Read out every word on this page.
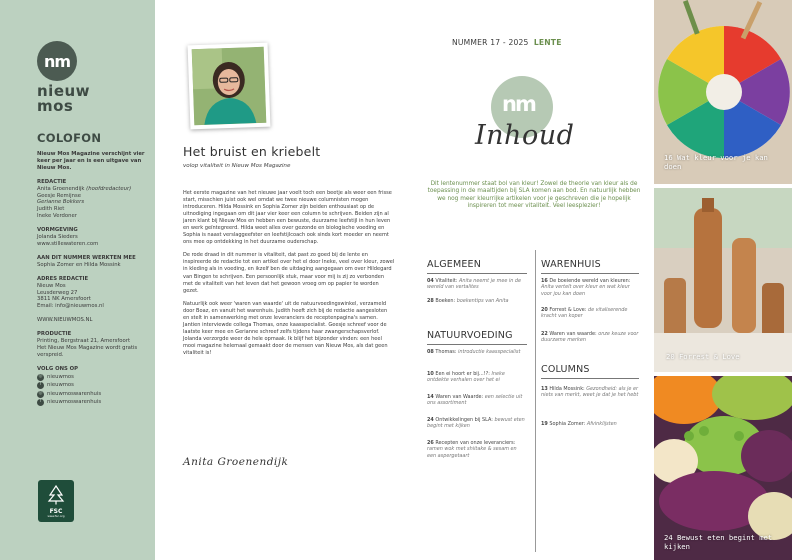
nm
nieuw mos
COLOFON
Nieuw Mos Magazine verschijnt vier keer per jaar en is een uitgave van Nieuw Mos.
REDACTIE
Anita Groenendijk (hoofdredacteur)
Geesje Remijnse
Gerianne Bokkers
Judith Riet
Ineke Verdoner
VORMGEVING
Jolanda Sieders
www.stillewateren.com
AAN DIT NUMMER WERKTEN MEE
Sophia Zomer en Hilda Mossink
ADRES REDACTIE
Nieuw Mos
Leusderweg 27
3811 NK Amersfoort
Email: info@nieuwmos.nl
WWW.NIEUWMOS.NL
PRODUCTIE
Printing, Bergstraat 21, Amersfoort
Het Nieuw Mos Magazine wordt gratis verspreid.
VOLG ONS OP
◎ nieuwmos
f	nieuwmos
◎ nieuwmoswarenhuis
f	nieuwmoswarenhuis
FSC
www.fsc.org
Het bruist en kriebelt
volop vitaliteit in Nieuw Mos Magazine

Het eerste magazine van het nieuwe jaar voelt toch een beetje als weer een frisse start, misschien juist ook wel omdat we twee nieuwe columnisten mogen introduceren. Hilda Mossink en Sophia Zomer zijn beiden enthousiast op de uitnodiging ingegaan om dit jaar vier keer een column te schrijven. Beiden zijn al jaren klant bij Nieuw Mos en hebben een bewuste, duurzame leefstijl in hun leven en werk geïntegreerd. Hilda weet alles over gezonde en biologische voeding en Sophia is naast verslaggeefster en leefstijlcoach ook sinds kort moeder en neemt ons mee op ontdekking in het duurzame ouderschap.

De rode draad in dit nummer is vitaliteit, dat past zo goed bij de lente en inspireerde de redactie tot een artikel over het el door Ineke, veel over kleur, zowel in kleding als in voeding, en ikzelf ben de uitdaging aangegaan om over Hildegard van Bingen te schrijven. Een persoonlijk stuk, maar voor mij is zij zo verbonden met de vitaliteit van het leven dat het gewoon vroeg om op papier te worden gezet.

Natuurlijk ook weer 'waren van waarde' uit de natuurvoedingswinkel, verzameld door Boaz, en vanuit het warenhuis. Judith heeft zich bij de redactie aangesloten en stelt in samenwerking met onze leveranciers de receptenpagina's samen. Jantien interviewde collega Thomas, onze kaasspecialist. Geesje schreef voor de laatste keer mee en Gerianne schreef zelfs tijdens haar zwangerschapsverlof. Jolanda verzorgde weer de hele opmaak. Ik blijf het bijzonder vinden: een heel mooi magazine helemaal gemaakt door de mensen van Nieuw Mos, als dat geen vitaliteit is!

Anita Groenendijk
NUMMER 17 - 2025 LENTE
nm
Inhoud
Dit lentenummer staat bol van kleur! Zowel de theorie van kleur als de toepassing in de maaltijden bij SLA komen aan bod. En natuurlijk hebben we nog meer kleurrijke artikelen voor je geschreven die je hopelijk inspireren tot meer vitaliteit. Veel leesplezier!
ALGEMEEN
04 Vitaliteit: Anita neemt je mee in de wereld van vertalites
28 Boeken: boekentips van Anita
NATUURVOEDING
08 Thomas: introductie kaasspecialist
10 Een ei hoort er bij...!?: Ineke ontdekte verhalen over het ei
14 Waren van Waarde: een selectie uit ons assortiment
24 Ontwikkelingen bij SLA: bewust eten begint met kijken
26 Recepten van onze leveranciers: ramen wok met shiitake & sesam en een aspergetaart
WARENHUIS
16 De boeiende wereld van kleuren: Anita vertelt over kleur en wat kleur voor jou kan doen
20 Forrest & Love: de vitaliserende kracht van koper
22 Waren van waarde: onze keuze voor duurzame merken
COLUMNS
13 Hilda Mossink: Gezondheid: als je er niets van merkt, weet je dat je het hebt
19 Sophia Zomer: Afvinklijsten
16 Wat kleur voor je kan doen
20 Forrest & Love
24 Bewust eten begint met kijken
